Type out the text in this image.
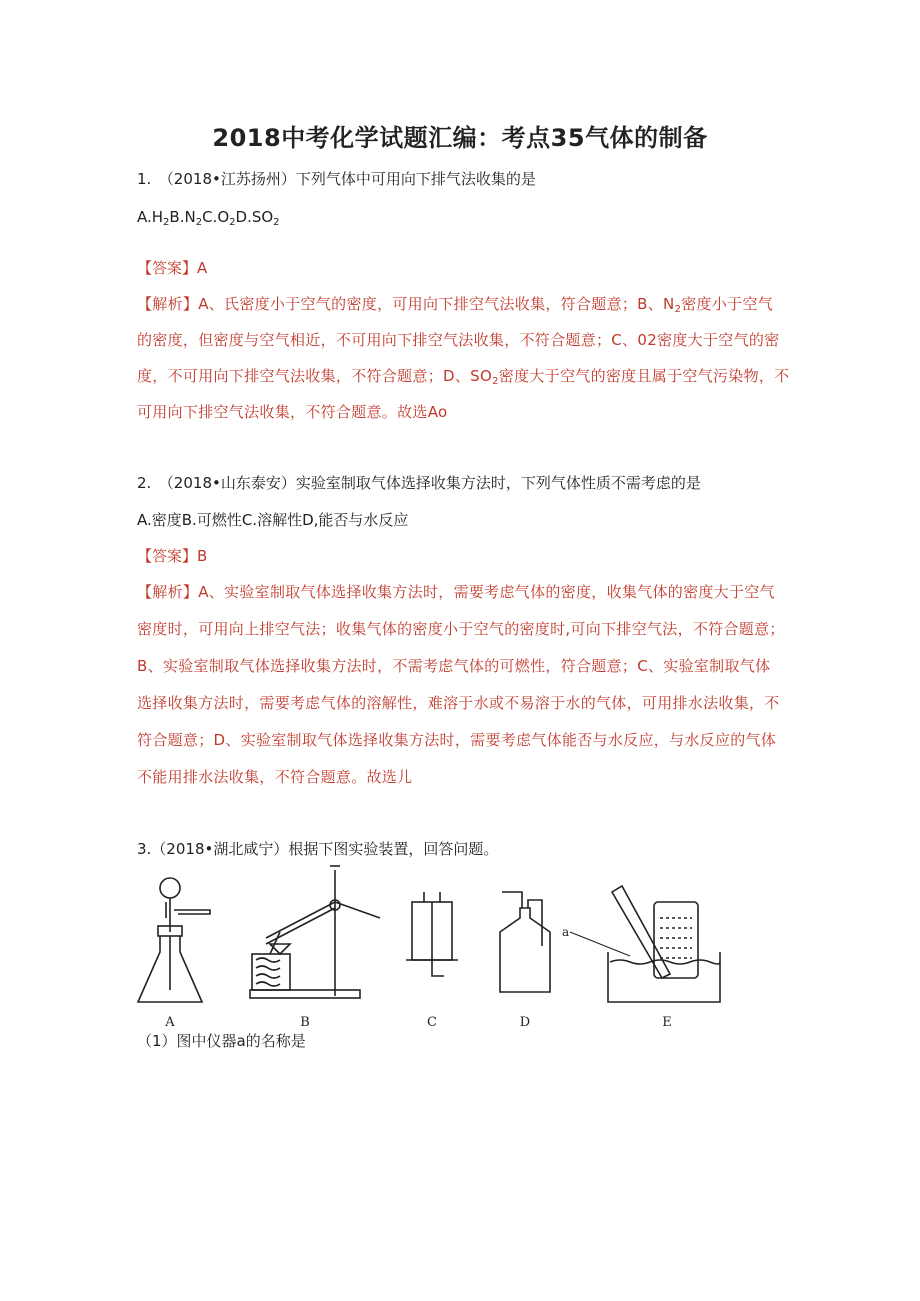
2018中考化学试题汇编：考点35气体的制备
1.　（2018•江苏扬州）下列气体中可用向下排气法收集的是
$A.H_2B.N_2C.O_2D.SO_2$
【答案】A
【解析】A、氏密度小于空气的密度，可用向下排空气法收集，符合题意；B、$N_2$密度小于空气
的密度，但密度与空气相近，不可用向下排空气法收集，不符合题意；C、02密度大于空气的密
度，不可用向下排空气法收集，不符合题意；D、$SO_2$密度大于空气的密度且属于空气污染物，不
可用向下排空气法收集，不符合题意。故选Ao
2.　（2018•山东泰安）实验室制取气体选择收集方法时，下列气体性质不需考虑的是
A.密度B.可燃性C.溶解性D,能否与水反应
【答案】B
【解析】A、实验室制取气体选择收集方法时，需要考虑气体的密度，收集气体的密度大于空气
密度时，可用向上排空气法；收集气体的密度小于空气的密度时,可向下排空气法，不符合题意；
B、实验室制取气体选择收集方法时，不需考虑气体的可燃性，符合题意；C、实验室制取气体
选择收集方法时，需要考虑气体的溶解性，难溶于水或不易溶于水的气体，可用排水法收集，不
符合题意；D、实验室制取气体选择收集方法时，需要考虑气体能否与水反应，与水反应的气体
不能用排水法收集，不符合题意。故选儿
3.（2018•湖北咸宁）根据下图实验装置，回答问题。
A	B	C	D	E
a
（1）图中仪器a的名称是
